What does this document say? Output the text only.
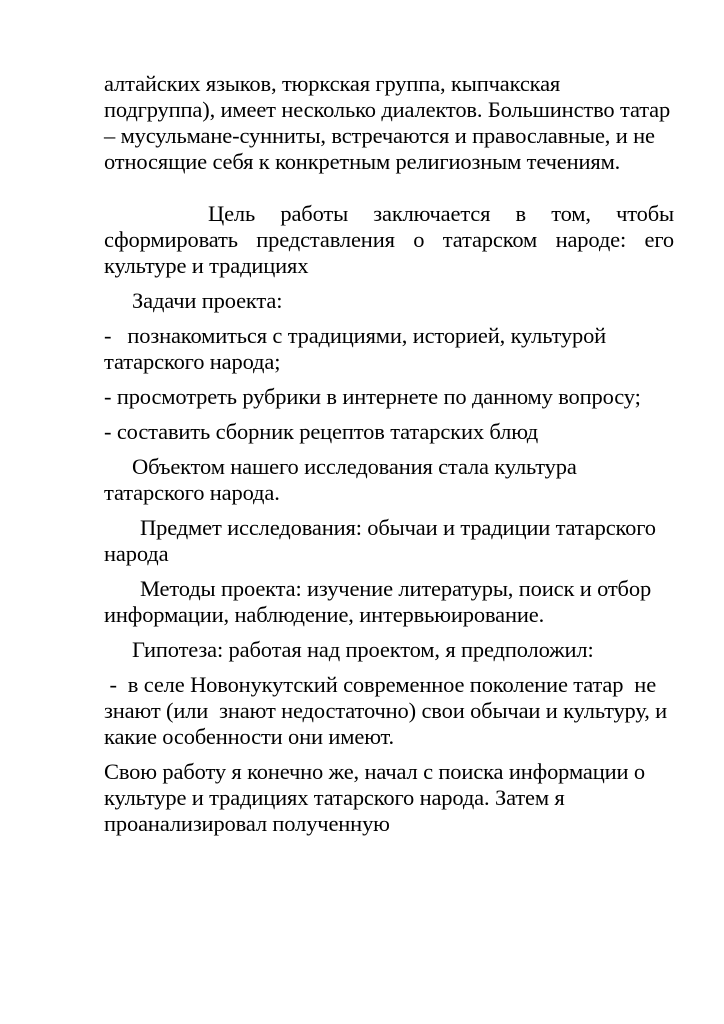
алтайских языков, тюркская группа, кыпчакская подгруппа), имеет несколько диалектов. Большинство татар – мусульмане-сунниты, встречаются и православные, и не относящие себя к конкретным религиозным течениям.

Цель работы заключается в том, чтобы сформировать представления о татарском народе: его культуре и традициях

Задачи проекта:

- познакомиться с традициями, историей, культурой татарского народа;

- просмотреть рубрики в интернете по данному вопросу;

- составить сборник рецептов татарских блюд

Объектом нашего исследования стала культура татарского народа.

Предмет исследования: обычаи и традиции татарского народа

Методы проекта: изучение литературы, поиск и отбор информации, наблюдение, интервьюирование.

Гипотеза: работая над проектом, я предположил:

-  в селе Новонукутский современное поколение татар  не знают (или  знают недостаточно) свои обычаи и культуру, и какие особенности они имеют.

Свою работу я конечно же, начал с поиска информации о культуре и традициях татарского народа. Затем я проанализировал полученную
